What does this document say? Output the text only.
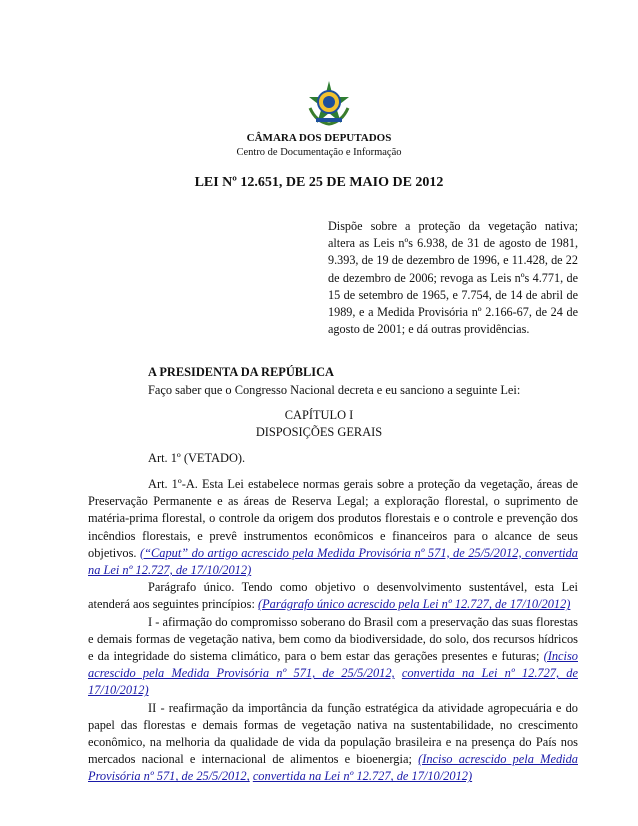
CÂMARA DOS DEPUTADOS
Centro de Documentação e Informação
LEI Nº 12.651, DE 25 DE MAIO DE 2012
Dispõe sobre a proteção da vegetação nativa; altera as Leis nºs 6.938, de 31 de agosto de 1981, 9.393, de 19 de dezembro de 1996, e 11.428, de 22 de dezembro de 2006; revoga as Leis nºs 4.771, de 15 de setembro de 1965, e 7.754, de 14 de abril de 1989, e a Medida Provisória nº 2.166-67, de 24 de agosto de 2001; e dá outras providências.
A PRESIDENTA DA REPÚBLICA
Faço saber que o Congresso Nacional decreta e eu sanciono a seguinte Lei:
CAPÍTULO I
DISPOSIÇÕES GERAIS
Art. 1º (VETADO).

Art. 1º-A. Esta Lei estabelece normas gerais sobre a proteção da vegetação, áreas de Preservação Permanente e as áreas de Reserva Legal; a exploração florestal, o suprimento de matéria-prima florestal, o controle da origem dos produtos florestais e o controle e prevenção dos incêndios florestais, e prevê instrumentos econômicos e financeiros para o alcance de seus objetivos. (“Caput” do artigo acrescido pela Medida Provisória nº 571, de 25/5/2012, convertida na Lei nº 12.727, de 17/10/2012)

Parágrafo único. Tendo como objetivo o desenvolvimento sustentável, esta Lei atenderá aos seguintes princípios: (Parágrafo único acrescido pela Lei nº 12.727, de 17/10/2012)

I - afirmação do compromisso soberano do Brasil com a preservação das suas florestas e demais formas de vegetação nativa, bem como da biodiversidade, do solo, dos recursos hídricos e da integridade do sistema climático, para o bem estar das gerações presentes e futuras; (Inciso acrescido pela Medida Provisória nº 571, de 25/5/2012, convertida na Lei nº 12.727, de 17/10/2012)

II - reafirmação da importância da função estratégica da atividade agropecuária e do papel das florestas e demais formas de vegetação nativa na sustentabilidade, no crescimento econômico, na melhoria da qualidade de vida da população brasileira e na presença do País nos mercados nacional e internacional de alimentos e bioenergia; (Inciso acrescido pela Medida Provisória nº 571, de 25/5/2012, convertida na Lei nº 12.727, de 17/10/2012)
